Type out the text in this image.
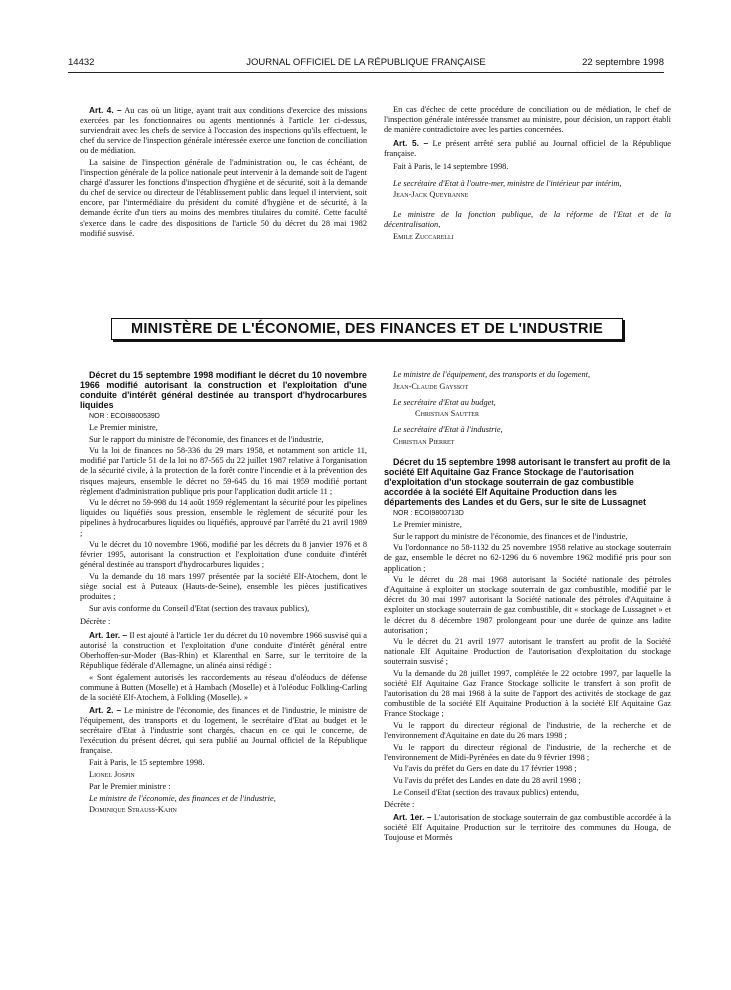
14432	JOURNAL OFFICIEL DE LA RÉPUBLIQUE FRANÇAISE	22 septembre 1998

Art. 4. – Au cas où un litige, ayant trait aux conditions d'exercice des missions exercées par les fonctionnaires ou agents mentionnés à l'article 1er ci-dessus, surviendrait avec les chefs de service à l'occasion des inspections qu'ils effectuent, le chef du service de l'inspection générale intéressée exerce une fonction de conciliation ou de médiation.

La saisine de l'inspection générale de l'administration ou, le cas échéant, de l'inspection générale de la police nationale peut intervenir à la demande soit de l'agent chargé d'assurer les fonctions d'inspection d'hygiène et de sécurité, soit à la demande du chef de service ou directeur de l'établissement public dans lequel il intervient, soit encore, par l'intermédiaire du président du comité d'hygiène et de sécurité, à la demande écrite d'un tiers au moins des membres titulaires du comité. Cette faculté s'exerce dans le cadre des dispositions de l'article 50 du décret du 28 mai 1982 modifié susvisé.

En cas d'échec de cette procédure de conciliation ou de médiation, le chef de l'inspection générale intéressée transmet au ministre, pour décision, un rapport établi de manière contradictoire avec les parties concernées.

Art. 5. – Le présent arrêté sera publié au Journal officiel de la République française.

Fait à Paris, le 14 septembre 1998.

Le secrétaire d'Etat à l'outre-mer, ministre de l'intérieur par intérim,

Jean-Jack Queyranne

Le ministre de la fonction publique, de la réforme de l'Etat et de la décentralisation,

Emile Zuccarelli

MINISTÈRE DE L'ÉCONOMIE, DES FINANCES ET DE L'INDUSTRIE

Décret du 15 septembre 1998 modifiant le décret du 10 novembre 1966 modifié autorisant la construction et l'exploitation d'une conduite d'intérêt général destinée au transport d'hydrocarbures liquides

NOR : ECOI9800539D

Le Premier ministre,

Sur le rapport du ministre de l'économie, des finances et de l'industrie,

Vu la loi de finances no 58-336 du 29 mars 1958, et notamment son article 11, modifié par l'article 51 de la loi no 87-565 du 22 juillet 1987 relative à l'organisation de la sécurité civile, à la protection de la forêt contre l'incendie et à la prévention des risques majeurs, ensemble le décret no 59-645 du 16 mai 1959 modifié portant règlement d'administration publique pris pour l'application dudit article 11 ;

Vu le décret no 59-998 du 14 août 1959 réglementant la sécurité pour les pipelines liquides ou liquéfiés sous pression, ensemble le règlement de sécurité pour les pipelines à hydrocarbures liquides ou liquéfiés, approuvé par l'arrêté du 21 avril 1989 ;

Vu le décret du 10 novembre 1966, modifié par les décrets du 8 janvier 1976 et 8 février 1995, autorisant la construction et l'exploitation d'une conduite d'intérêt général destinée au transport d'hydrocarbures liquides ;

Vu la demande du 18 mars 1997 présentée par la société Elf-Atochem, dont le siège social est à Puteaux (Hauts-de-Seine), ensemble les pièces justificatives produites ;

Sur avis conforme du Conseil d'Etat (section des travaux publics),

Décrète :

Art. 1er. – Il est ajouté à l'article 1er du décret du 10 novembre 1966 susvisé qui a autorisé la construction et l'exploitation d'une conduite d'intérêt général entre Oberhoffen-sur-Moder (Bas-Rhin) et Klarenthal en Sarre, sur le territoire de la République fédérale d'Allemagne, un alinéa ainsi rédigé :

« Sont également autorisés les raccordements au réseau d'oléoducs de défense commune à Butten (Moselle) et à Hambach (Moselle) et à l'oléoduc Folkling-Carling de la société Elf-Atochem, à Folkling (Moselle). »

Art. 2. – Le ministre de l'économie, des finances et de l'industrie, le ministre de l'équipement, des transports et du logement, le secrétaire d'Etat au budget et le secrétaire d'Etat à l'industrie sont chargés, chacun en ce qui le concerne, de l'exécution du présent décret, qui sera publié au Journal officiel de la République française.

Fait à Paris, le 15 septembre 1998.

Lionel Jospin

Par le Premier ministre :

Le ministre de l'économie, des finances et de l'industrie,

Dominique Strauss-Kahn

Le ministre de l'équipement, des transports et du logement,

Jean-Claude Gayssot

Le secrétaire d'Etat au budget,

Christian Sautter

Le secrétaire d'Etat à l'industrie,

Christian Pierret

Décret du 15 septembre 1998 autorisant le transfert au profit de la société Elf Aquitaine Gaz France Stockage de l'autorisation d'exploitation d'un stockage souterrain de gaz combustible accordée à la société Elf Aquitaine Production dans les départements des Landes et du Gers, sur le site de Lussagnet

NOR : ECOI9800713D

Le Premier ministre,

Sur le rapport du ministre de l'économie, des finances et de l'industrie,

Vu l'ordonnance no 58-1132 du 25 novembre 1958 relative au stockage souterrain de gaz, ensemble le décret no 62-1296 du 6 novembre 1962 modifié pris pour son application ;

Vu le décret du 28 mai 1968 autorisant la Société nationale des pétroles d'Aquitaine à exploiter un stockage souterrain de gaz combustible, modifié par le décret du 30 mai 1997 autorisant la Société nationale des pétroles d'Aquitaine à exploiter un stockage souterrain de gaz combustible, dit « stockage de Lussagnet » et le décret du 8 décembre 1987 prolongeant pour une durée de quinze ans ladite autorisation ;

Vu le décret du 21 avril 1977 autorisant le transfert au profit de la Société nationale Elf Aquitaine Production de l'autorisation d'exploitation du stockage souterrain susvisé ;

Vu la demande du 28 juillet 1997, complétée le 22 octobre 1997, par laquelle la société Elf Aquitaine Gaz France Stockage sollicite le transfert à son profit de l'autorisation du 28 mai 1968 à la suite de l'apport des activités de stockage de gaz combustible de la société Elf Aquitaine Production à la société Elf Aquitaine Gaz France Stockage ;

Vu le rapport du directeur régional de l'industrie, de la recherche et de l'environnement d'Aquitaine en date du 26 mars 1998 ;

Vu le rapport du directeur régional de l'industrie, de la recherche et de l'environnement de Midi-Pyrénées en date du 9 février 1998 ;

Vu l'avis du préfet du Gers en date du 17 février 1998 ;

Vu l'avis du préfet des Landes en date du 28 avril 1998 ;

Le Conseil d'Etat (section des travaux publics) entendu,

Décrète :

Art. 1er. – L'autorisation de stockage souterrain de gaz combustible accordée à la société Elf Aquitaine Production sur le territoire des communes du Houga, de Toujouse et Mormès
